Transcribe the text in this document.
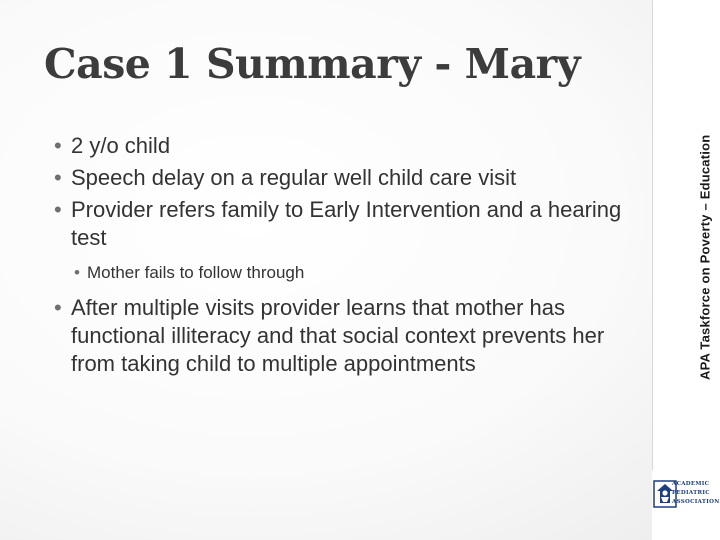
Case 1 Summary - Mary
• 2 y/o child
• Speech delay on a regular well child care visit
• Provider refers family to Early Intervention and a hearing test
• Mother fails to follow through
• After multiple visits provider learns that mother has functional illiteracy and that social context prevents her from taking child to multiple appointments	APA Taskforce on Poverty – Education
ACADEMIC
PEDIATRIC
ASSOCIATION
